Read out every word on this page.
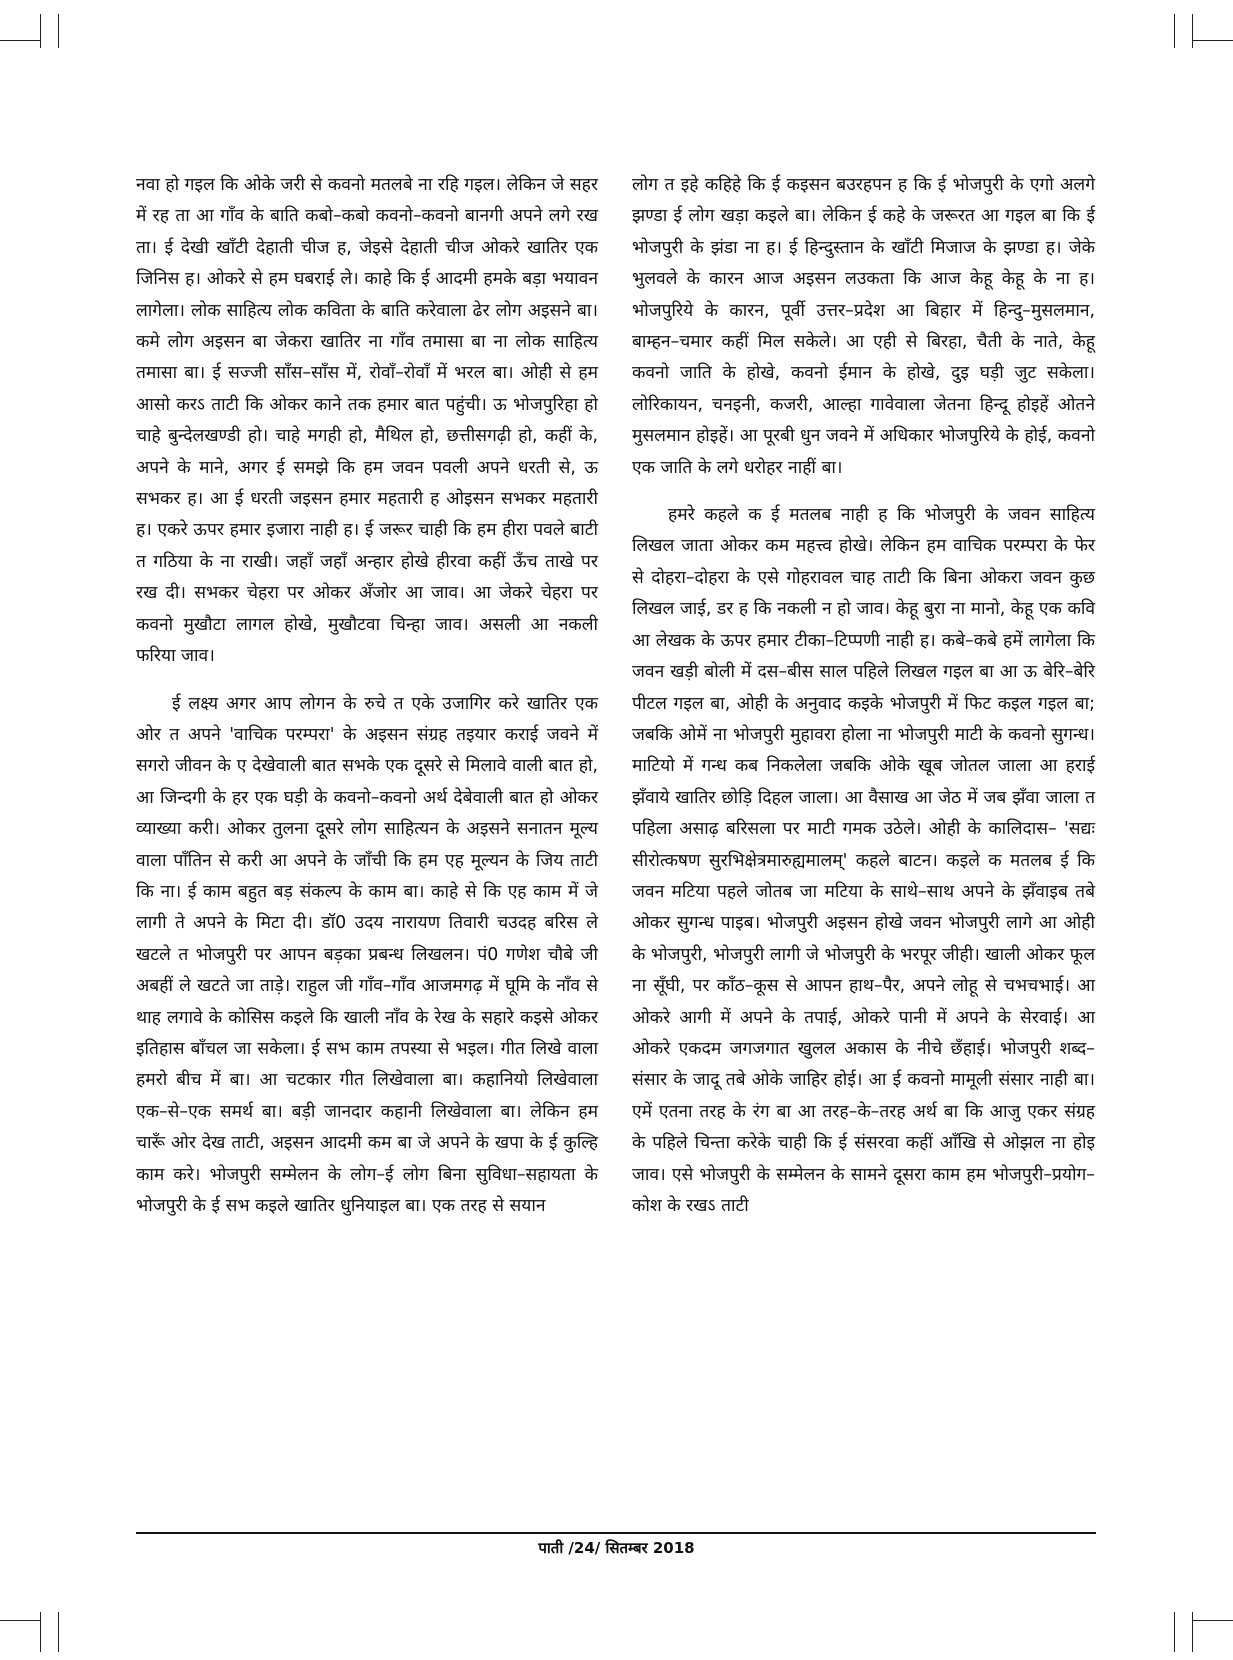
नवा हो गइल कि ओके जरी से कवनो मतलबे ना रहि गइल। लेकिन जे सहर में रह ता आ गाँव के बाति कबो–कबो कवनो–कवनो बानगी अपने लगे रख ता। ई देखी खाँटी देहाती चीज ह, जेइसे देहाती चीज ओकरे खातिर एक जिनिस ह। ओकरे से हम घबराई ले। काहे कि ई आदमी हमके बड़ा भयावन लागेला। लोक साहित्य लोक कविता के बाति करेवाला ढेर लोग अइसने बा। कमे लोग अइसन बा जेकरा खातिर ना गाँव तमासा बा ना लोक साहित्य तमासा बा। ई सज्जी साँस–साँस में, रोवाँ–रोवाँ में भरल बा। ओही से हम आसो करऽ ताटी कि ओकर काने तक हमार बात पहुंची। ऊ भोजपुरिहा हो चाहे बुन्देलखण्डी हो। चाहे मगही हो, मैथिल हो, छत्तीसगढ़ी हो, कहीं के, अपने के माने, अगर ई समझे कि हम जवन पवली अपने धरती से, ऊ सभकर ह। आ ई धरती जइसन हमार महतारी ह ओइसन सभकर महतारी ह। एकरे ऊपर हमार इजारा नाही ह। ई जरूर चाही कि हम हीरा पवले बाटी त गठिया के ना राखी। जहाँ जहाँ अन्हार होखे हीरवा कहीं ऊँच ताखे पर रख दी। सभकर चेहरा पर ओकर अँजोर आ जाव। आ जेकरे चेहरा पर कवनो मुखौटा लागल होखे, मुखौटवा चिन्हा जाव। असली आ नकली फरिया जाव।

ई लक्ष्य अगर आप लोगन के रुचे त एके उजागिर करे खातिर एक ओर त अपने 'वाचिक परम्परा' के अइसन संग्रह तइयार कराई जवने में सगरो जीवन के ए देखेवाली बात सभके एक दूसरे से मिलावे वाली बात हो, आ जिन्दगी के हर एक घड़ी के कवनो–कवनो अर्थ देबेवाली बात हो ओकर व्याख्या करी। ओकर तुलना दूसरे लोग साहित्यन के अइसने सनातन मूल्य वाला पाँतिन से करी आ अपने के जाँची कि हम एह मूल्यन के जिय ताटी कि ना। ई काम बहुत बड़ संकल्प के काम बा। काहे से कि एह काम में जे लागी ते अपने के मिटा दी। डॉ0 उदय नारायण तिवारी चउदह बरिस ले खटले त भोजपुरी पर आपन बड़का प्रबन्ध लिखलन। पं0 गणेश चौबे जी अबहीं ले खटते जा ताड़े। राहुल जी गाँव–गाँव आजमगढ़ में घूमि के नाँव से थाह लगावे के कोसिस कइले कि खाली नाँव के रेख के सहारे कइसे ओकर इतिहास बाँचल जा सकेला। ई सभ काम तपस्या से भइल। गीत लिखे वाला हमरो बीच में बा। आ चटकार गीत लिखेवाला बा। कहानियो लिखेवाला एक–से–एक समर्थ बा। बड़ी जानदार कहानी लिखेवाला बा। लेकिन हम चारूँ ओर देख ताटी, अइसन आदमी कम बा जे अपने के खपा के ई कुल्हि काम करे। भोजपुरी सम्मेलन के लोग–ई लोग बिना सुविधा–सहायता के भोजपुरी के ई सभ कइले खातिर धुनियाइल बा। एक तरह से सयान

लोग त इहे कहिहे कि ई कइसन बउरहपन ह कि ई भोजपुरी के एगो अलगे झण्डा ई लोग खड़ा कइले बा। लेकिन ई कहे के जरूरत आ गइल बा कि ई भोजपुरी के झंडा ना ह। ई हिन्दुस्तान के खाँटी मिजाज के झण्डा ह। जेके भुलवले के कारन आज अइसन लउकता कि आज केहू केहू के ना ह। भोजपुरिये के कारन, पूर्वी उत्तर–प्रदेश आ बिहार में हिन्दु–मुसलमान, बाम्हन–चमार कहीं मिल सकेले। आ एही से बिरहा, चैती के नाते, केहू कवनो जाति के होखे, कवनो ईमान के होखे, दुइ घड़ी जुट सकेला। लोरिकायन, चनइनी, कजरी, आल्हा गावेवाला जेतना हिन्दू होइहें ओतने मुसलमान होइहें। आ पूरबी धुन जवने में अधिकार भोजपुरिये के होई, कवनो एक जाति के लगे धरोहर नाहीं बा।

हमरे कहले क ई मतलब नाही ह कि भोजपुरी के जवन साहित्य लिखल जाता ओकर कम महत्त्व होखे। लेकिन हम वाचिक परम्परा के फेर से दोहरा–दोहरा के एसे गोहरावल चाह ताटी कि बिना ओकरा जवन कुछ लिखल जाई, डर ह कि नकली न हो जाव। केहू बुरा ना मानो, केहू एक कवि आ लेखक के ऊपर हमार टीका–टिप्पणी नाही ह। कबे–कबे हमें लागेला कि जवन खड़ी बोली में दस–बीस साल पहिले लिखल गइल बा आ ऊ बेरि–बेरि पीटल गइल बा, ओही के अनुवाद कइके भोजपुरी में फिट कइल गइल बा; जबकि ओमें ना भोजपुरी मुहावरा होला ना भोजपुरी माटी के कवनो सुगन्ध। माटियो में गन्ध कब निकलेला जबकि ओके खूब जोतल जाला आ हराई झँवाये खातिर छोड़ि दिहल जाला। आ वैसाख आ जेठ में जब झँवा जाला त पहिला असाढ़ बरिसला पर माटी गमक उठेले। ओही के कालिदास– 'सद्यः सीरोत्कषण सुरभिक्षेत्रमारुह्यमालम्' कहले बाटन। कइले क मतलब ई कि जवन मटिया पहले जोतब जा मटिया के साथे–साथ अपने के झँवाइब तबे ओकर सुगन्ध पाइब। भोजपुरी अइसन होखे जवन भोजपुरी लागे आ ओही के भोजपुरी, भोजपुरी लागी जे भोजपुरी के भरपूर जीही। खाली ओकर फूल ना सूँघी, पर काँठ–कूस से आपन हाथ–पैर, अपने लोहू से चभचभाई। आ ओकरे आगी में अपने के तपाई, ओकरे पानी में अपने के सेरवाई। आ ओकरे एकदम जगजगात खुलल अकास के नीचे छँहाई। भोजपुरी शब्द–संसार के जादू तबे ओके जाहिर होई। आ ई कवनो मामूली संसार नाही बा। एमें एतना तरह के रंग बा आ तरह–के–तरह अर्थ बा कि आजु एकर संग्रह के पहिले चिन्ता करेके चाही कि ई संसरवा कहीं आँखि से ओझल ना होइ जाव। एसे भोजपुरी के सम्मेलन के सामने दूसरा काम हम भोजपुरी–प्रयोग–कोश के रखऽ ताटी

पाती /24/ सितम्बर 2018
